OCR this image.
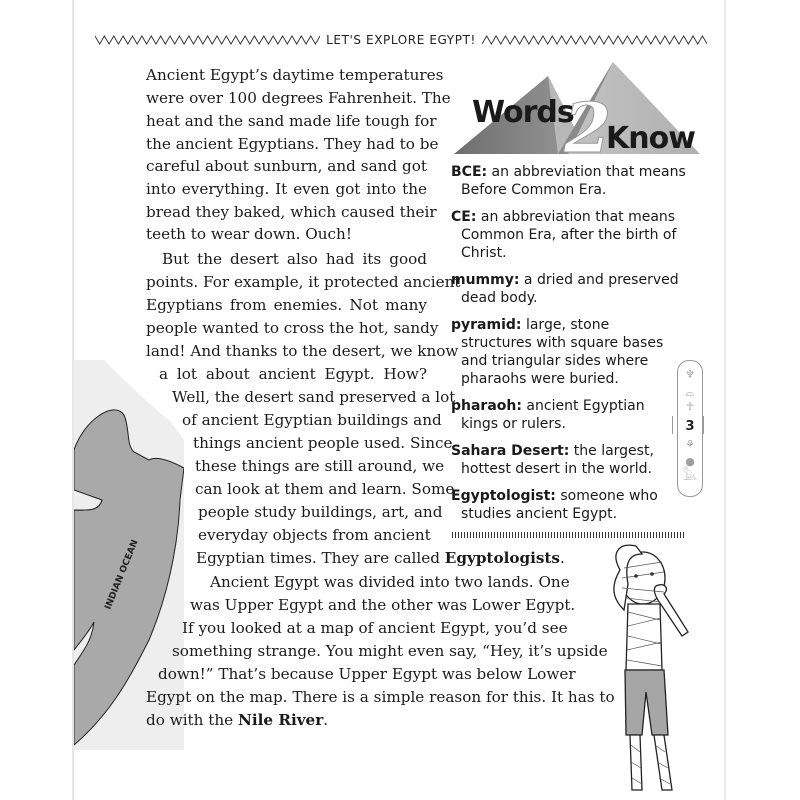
LET'S EXPLORE EGYPT!
INDIAN OCEAN
Ancient Egypt’s daytime temperatures
were over 100 degrees Fahrenheit. The
heat and the sand made life tough for
the ancient Egyptians. They had to be
careful about sunburn, and sand got
into everything. It even got into the
bread they baked, which caused their
teeth to wear down. Ouch!
But the desert also had its good
points. For example, it protected ancient
Egyptians from enemies. Not many
people wanted to cross the hot, sandy
land! And thanks to the desert, we know
a lot about ancient Egypt. How?
Well, the desert sand preserved a lot
of ancient Egyptian buildings and
things ancient people used. Since
these things are still around, we
can look at them and learn. Some
people study buildings, art, and
everyday objects from ancient
Egyptian times. They are called Egyptologists.
Ancient Egypt was divided into two lands. One
was Upper Egypt and the other was Lower Egypt.
If you looked at a map of ancient Egypt, you’d see
something strange. You might even say, “Hey, it’s upside
down!” That’s because Upper Egypt was below Lower
Egypt on the map. There is a simple reason for this. It has to
do with the Nile River.
Words
2
Know
BCE: an abbreviation that means
Before Common Era.
CE: an abbreviation that means
Common Era, after the birth of
Christ.
mummy: a dried and preserved
dead body.
pyramid: large, stone
structures with square bases
and triangular sides where
pharaohs were buried.
pharaoh: ancient Egyptian
kings or rulers.
Sahara Desert: the largest,
hottest desert in the world.
Egyptologist: someone who
studies ancient Egypt.
♆
⌓
☥
3
⚘
●
𓅓
